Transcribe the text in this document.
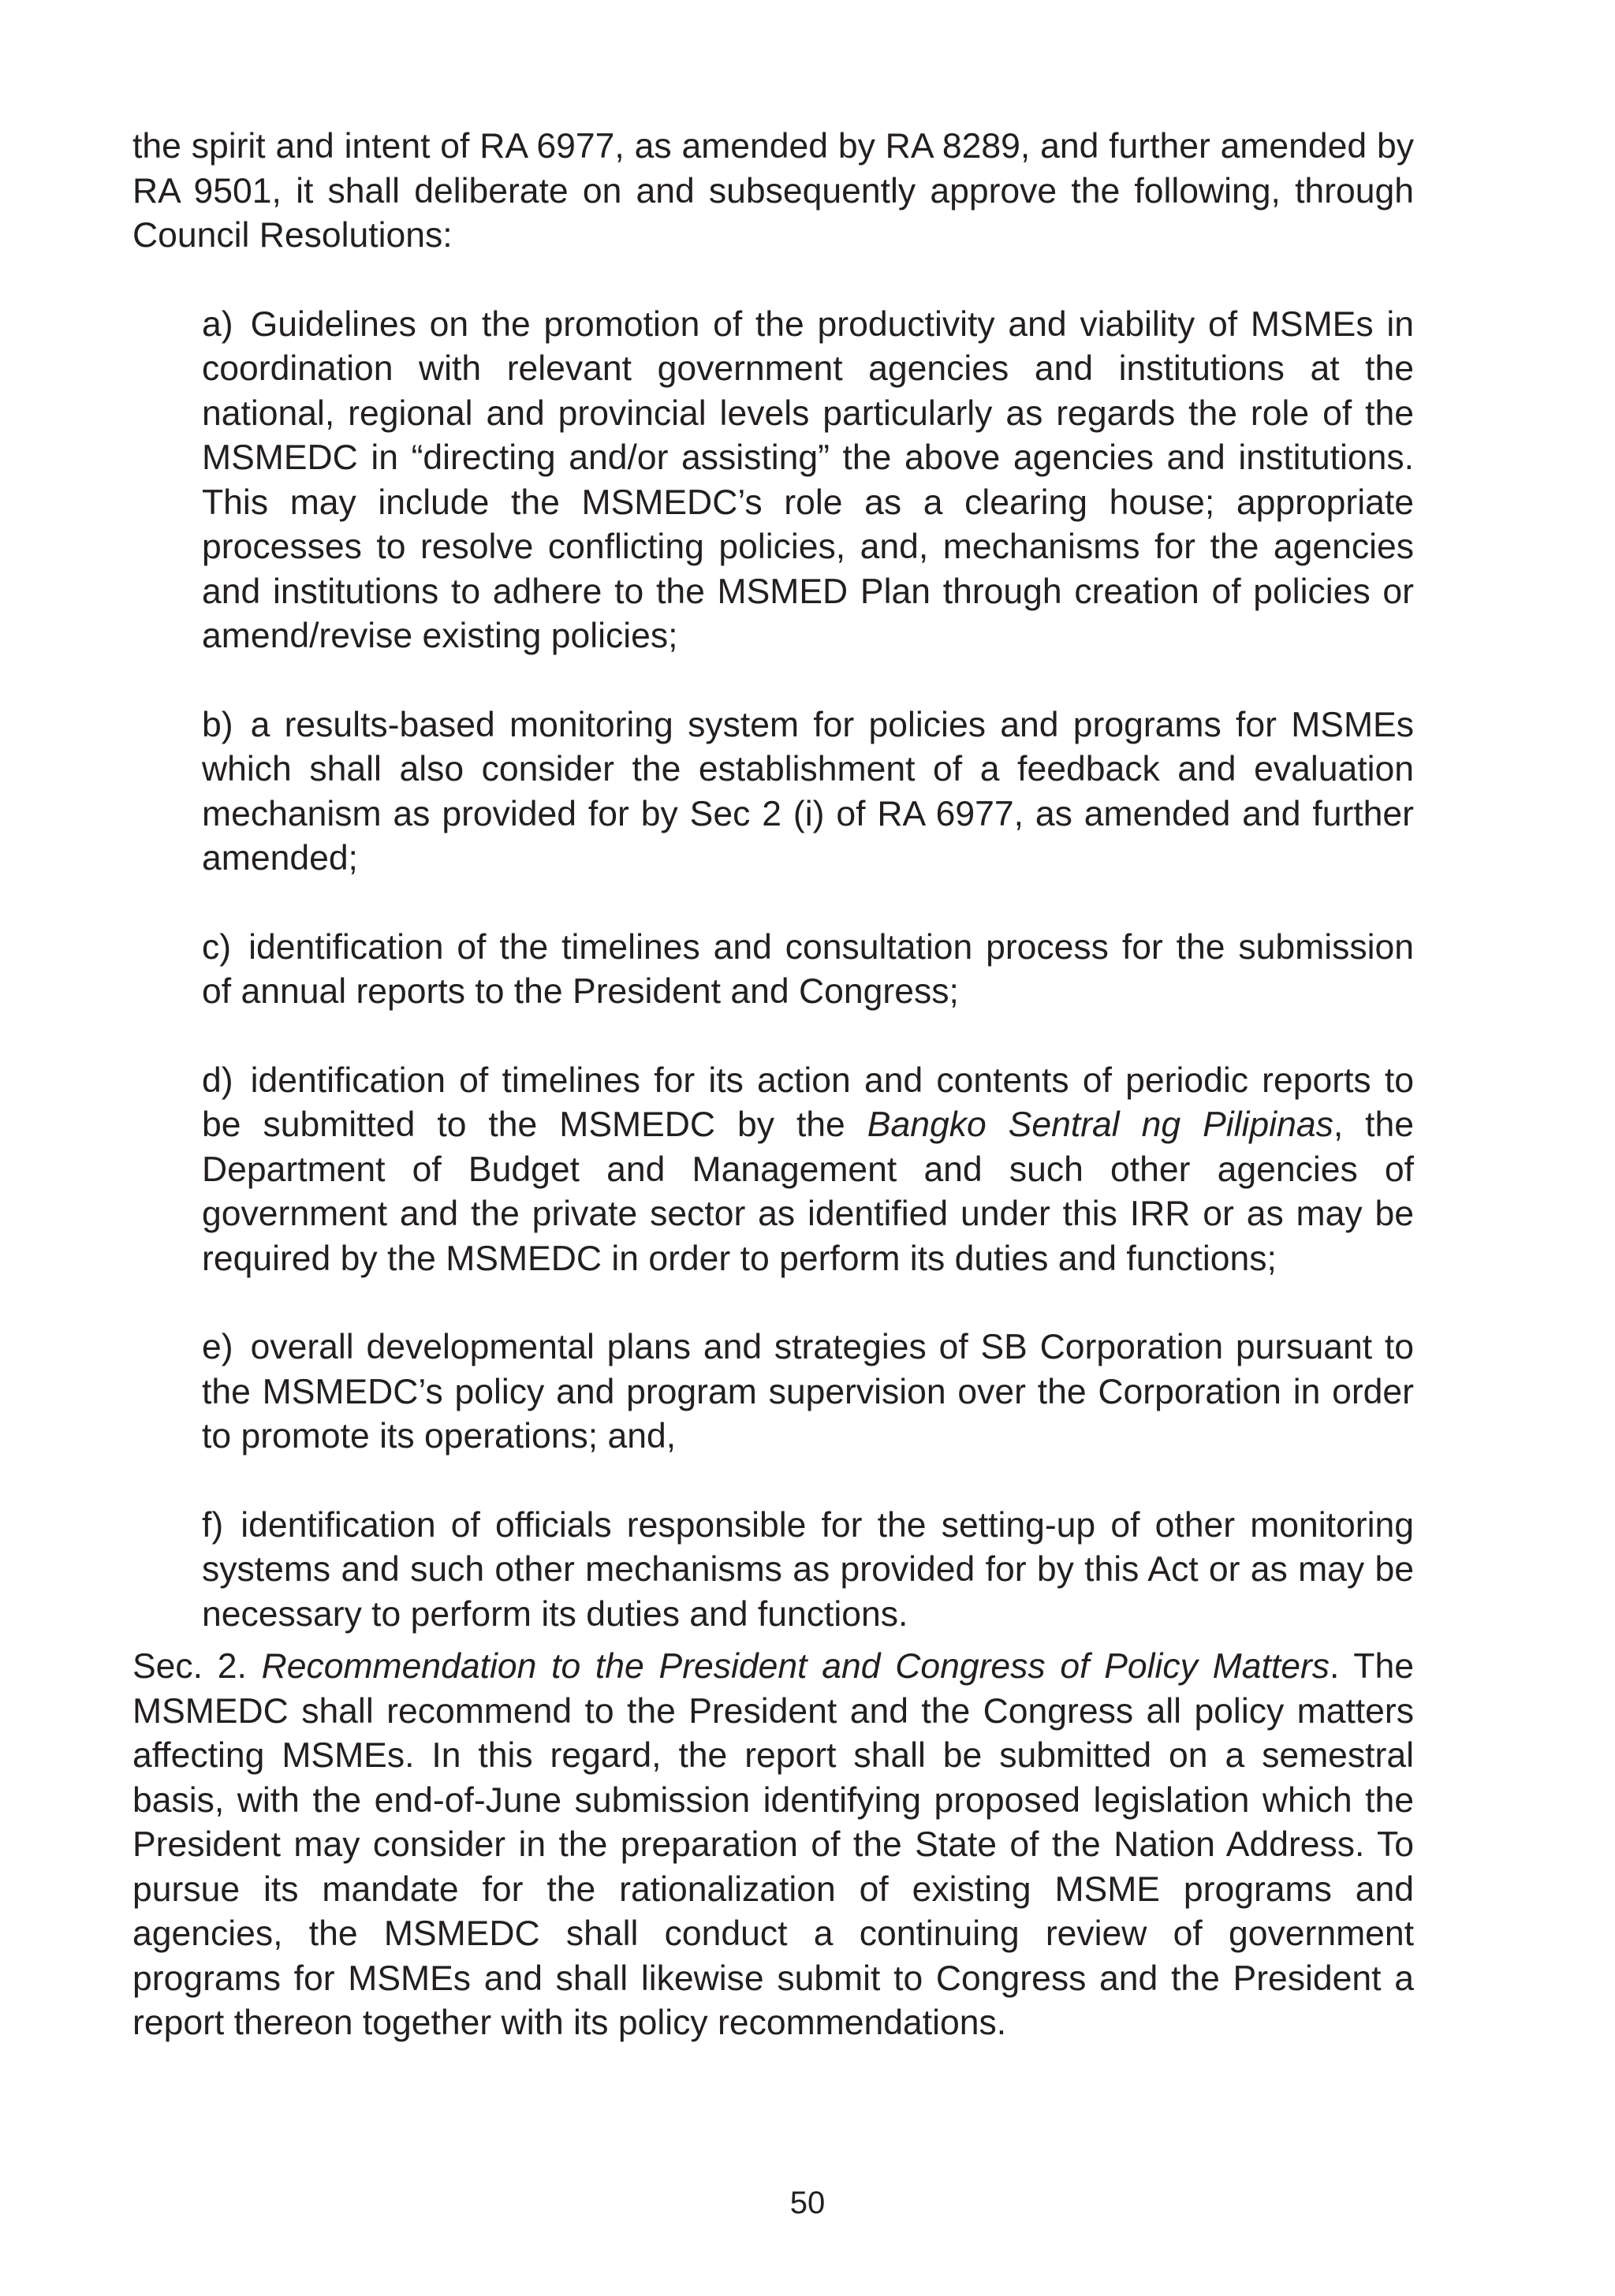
the spirit and intent of RA 6977, as amended by RA 8289, and further amended by RA 9501, it shall deliberate on and subsequently approve the following, through Council Resolutions:

a) Guidelines on the promotion of the productivity and viability of MSMEs in coordination with relevant government agencies and institutions at the national, regional and provincial levels particularly as regards the role of the MSMEDC in “directing and/or assisting” the above agencies and institutions. This may include the MSMEDC’s role as a clearing house; appropriate processes to resolve conflicting policies, and, mechanisms for the agencies and institutions to adhere to the MSMED Plan through creation of policies or amend/revise existing policies;

b) a results-based monitoring system for policies and programs for MSMEs which shall also consider the establishment of a feedback and evaluation mechanism as provided for by Sec 2 (i) of RA 6977, as amended and further amended;

c) identification of the timelines and consultation process for the submission of annual reports to the President and Congress;

d) identification of timelines for its action and contents of periodic reports to be submitted to the MSMEDC by the Bangko Sentral ng Pilipinas, the Department of Budget and Management and such other agencies of government and the private sector as identified under this IRR or as may be required by the MSMEDC in order to perform its duties and functions;

e) overall developmental plans and strategies of SB Corporation pursuant to the MSMEDC’s policy and program supervision over the Corporation in order to promote its operations; and,

f) identification of officials responsible for the setting-up of other monitoring systems and such other mechanisms as provided for by this Act or as may be necessary to perform its duties and functions.

Sec. 2. Recommendation to the President and Congress of Policy Matters. The MSMEDC shall recommend to the President and the Congress all policy matters affecting MSMEs. In this regard, the report shall be submitted on a semestral basis, with the end-of-June submission identifying proposed legislation which the President may consider in the preparation of the State of the Nation Address. To pursue its mandate for the rationalization of existing MSME programs and agencies, the MSMEDC shall conduct a continuing review of government programs for MSMEs and shall likewise submit to Congress and the President a report thereon together with its policy recommendations.

50
